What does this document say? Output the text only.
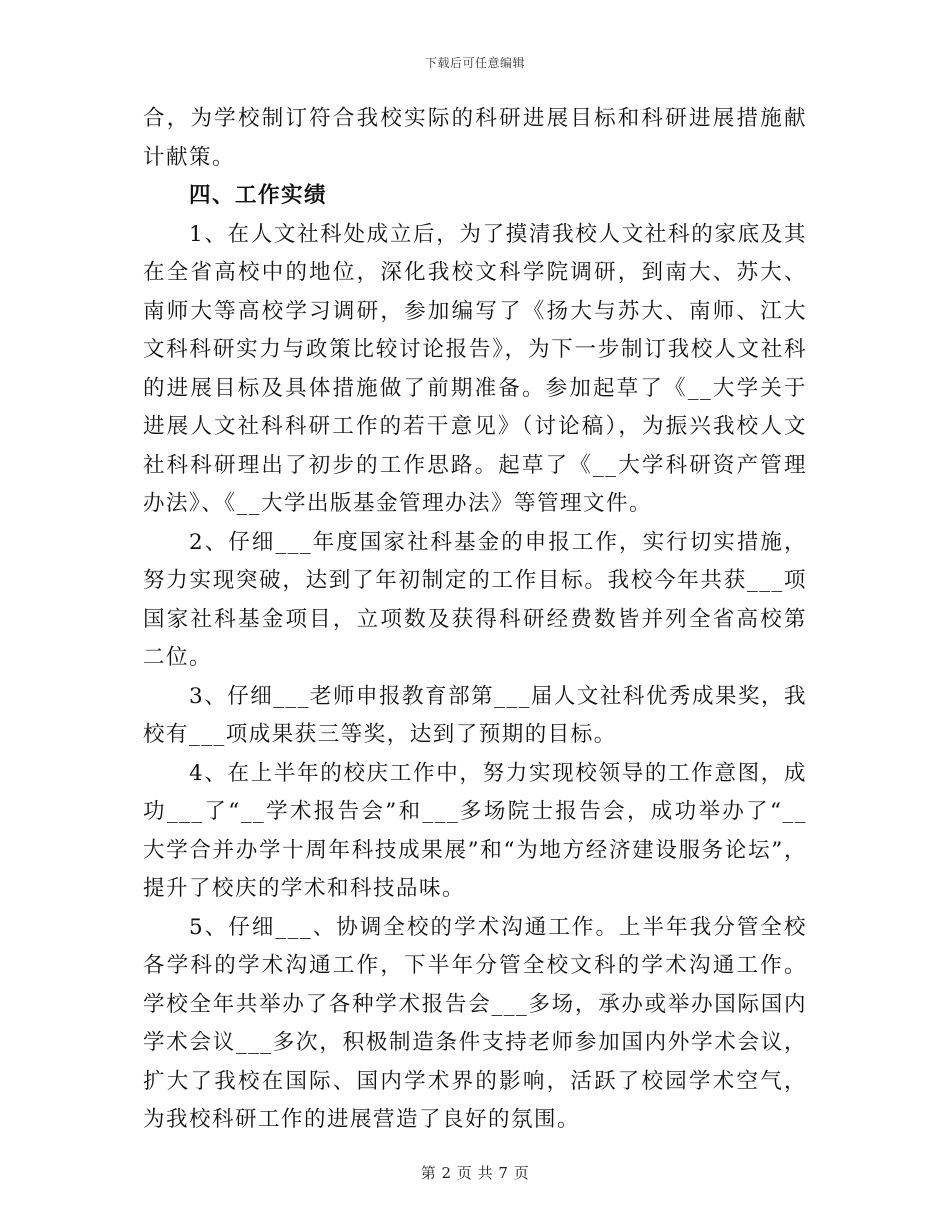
下载后可任意编辑

合，为学校制订符合我校实际的科研进展目标和科研进展措施献计献策。

四、工作实绩

1、在人文社科处成立后，为了摸清我校人文社科的家底及其在全省高校中的地位，深化我校文科学院调研，到南大、苏大、南师大等高校学习调研，参加编写了《扬大与苏大、南师、江大文科科研实力与政策比较讨论报告》，为下一步制订我校人文社科的进展目标及具体措施做了前期准备。参加起草了《__大学关于进展人文社科科研工作的若干意见》（讨论稿），为振兴我校人文社科科研理出了初步的工作思路。起草了《__大学科研资产管理办法》、《__大学出版基金管理办法》等管理文件。

2、仔细___年度国家社科基金的申报工作，实行切实措施，努力实现突破，达到了年初制定的工作目标。我校今年共获___项国家社科基金项目，立项数及获得科研经费数皆并列全省高校第二位。

3、仔细___老师申报教育部第___届人文社科优秀成果奖，我校有___项成果获三等奖，达到了预期的目标。

4、在上半年的校庆工作中，努力实现校领导的工作意图，成功___了“__学术报告会”和___多场院士报告会，成功举办了“__大学合并办学十周年科技成果展”和“为地方经济建设服务论坛”，提升了校庆的学术和科技品味。

5、仔细___、协调全校的学术沟通工作。上半年我分管全校各学科的学术沟通工作，下半年分管全校文科的学术沟通工作。学校全年共举办了各种学术报告会___多场，承办或举办国际国内学术会议___多次，积极制造条件支持老师参加国内外学术会议，扩大了我校在国际、国内学术界的影响，活跃了校园学术空气，为我校科研工作的进展营造了良好的氛围。

第 2 页 共 7 页
